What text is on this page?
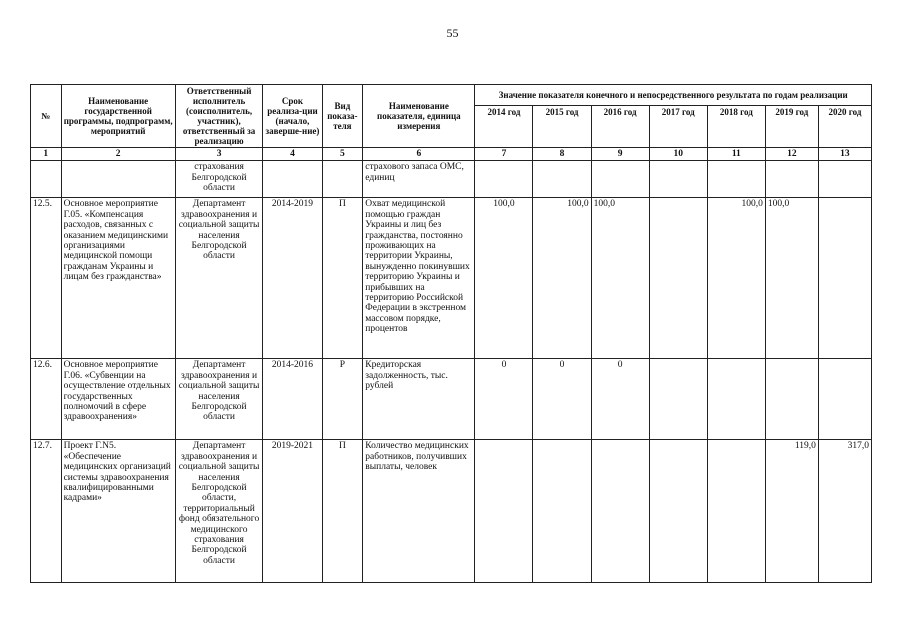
55
№	Наименование государственной программы, подпрограмм, мероприятий	Ответственный исполнитель (соисполнитель, участник), ответственный за реализацию	Срок реализа-ции (начало, заверше-ние)	Вид показа-теля	Наименование показателя, единица измерения	Значение показателя конечного и непосредственного результата по годам реализации						
						2014 год	2015 год	2016 год	2017 год	2018 год	2019 год	2020 год
1	2	3	4	5	6	7	8	9	10	11	12	13
		страхования Белгородской области			страхового запаса ОМС, единиц							
12.5.	Основное мероприятие Г.05. «Компенсация расходов, связанных с оказанием медицинскими организациями медицинской помощи гражданам Украины и лицам без гражданства»	Департамент здравоохранения и социальной защиты населения Белгородской области	2014-2019	П	Охват медицинской помощью граждан Украины и лиц без гражданства, постоянно проживающих на территории Украины, вынужденно покинувших территорию Украины и прибывших на территорию Российской Федерации в экстренном массовом порядке, процентов	100,0	100,0	100,0		100,0	100,0	
12.6.	Основное мероприятие Г.06. «Субвенции на осуществление отдельных государственных полномочий в сфере здравоохранения»	Департамент здравоохранения и социальной защиты населения Белгородской области	2014-2016	Р	Кредиторская задолженность, тыс. рублей	0	0	0				
12.7.	Проект Г.N5. «Обеспечение медицинских организаций системы здравоохранения квалифицированными кадрами»	Департамент здравоохранения и социальной защиты населения Белгородской области, территориальный фонд обязательного медицинского страхования Белгородской области	2019-2021	П	Количество медицинских работников, получивших выплаты, человек						119,0	317,0
